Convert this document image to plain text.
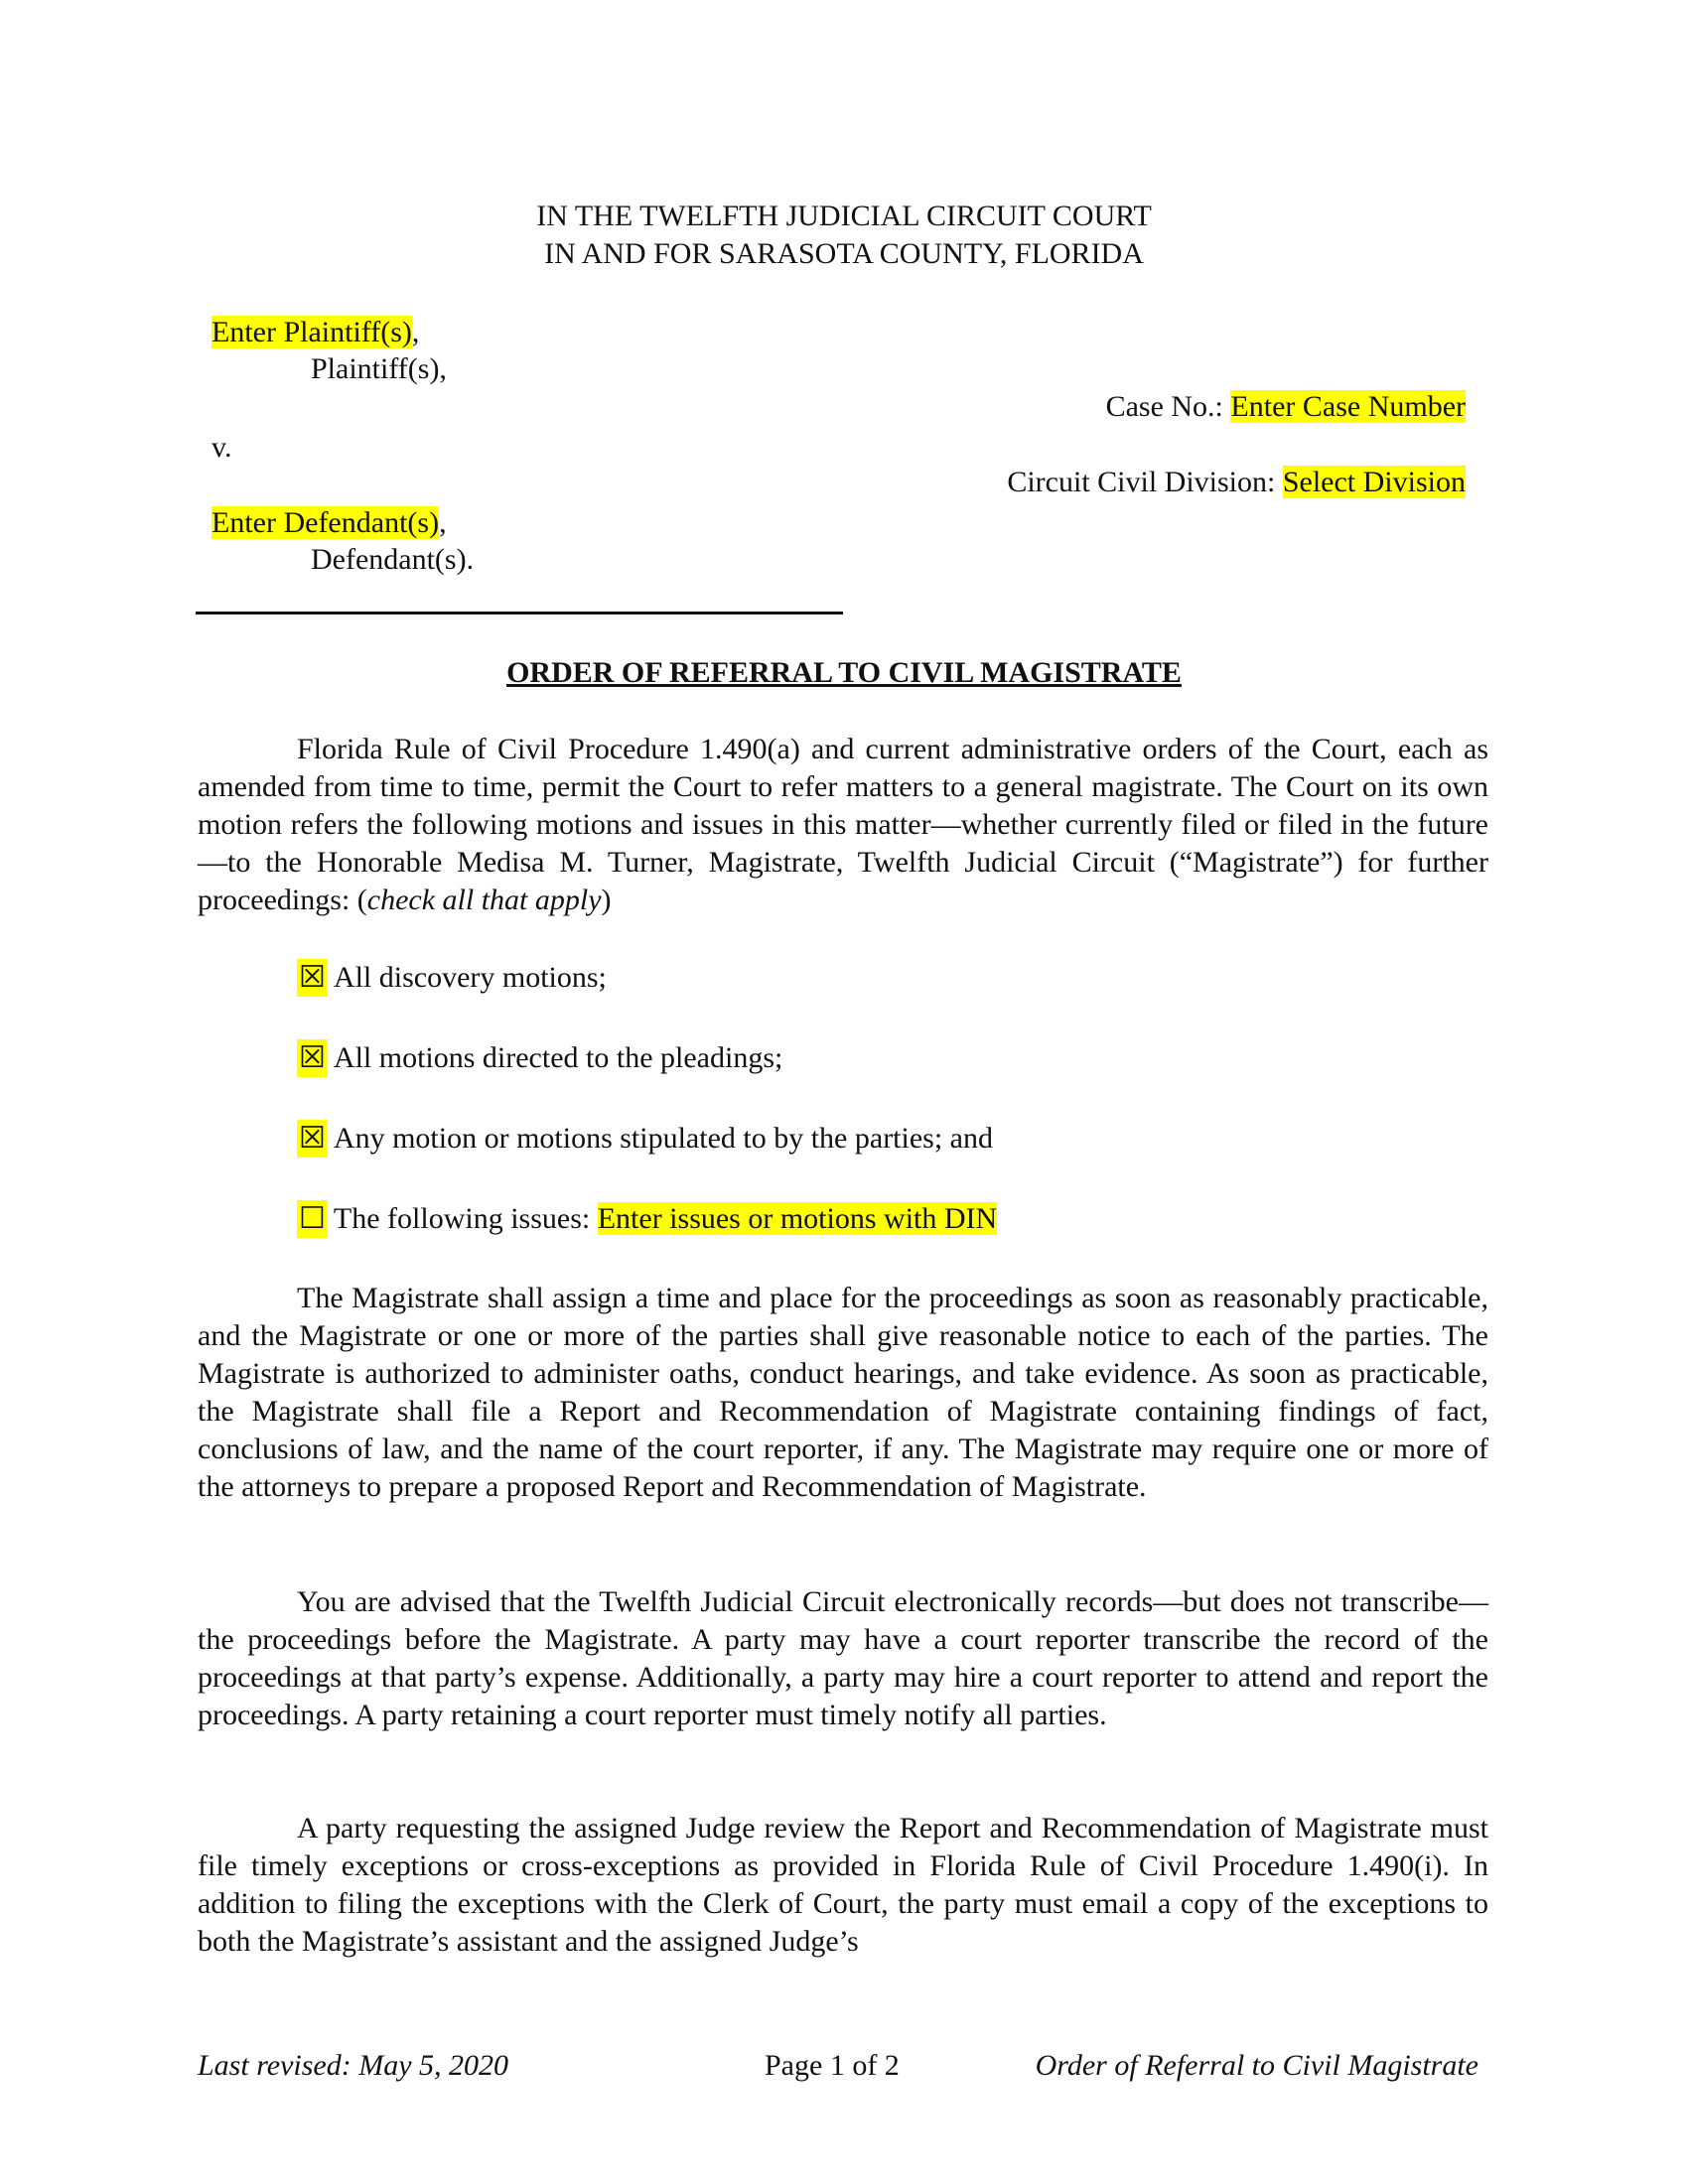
IN THE TWELFTH JUDICIAL CIRCUIT COURT
IN AND FOR SARASOTA COUNTY, FLORIDA
Enter Plaintiff(s),
Plaintiff(s),
v.
Enter Defendant(s),
Defendant(s).
Case No.: Enter Case Number
Circuit Civil Division: Select Division
ORDER OF REFERRAL TO CIVIL MAGISTRATE
Florida Rule of Civil Procedure 1.490(a) and current administrative orders of the Court, each as amended from time to time, permit the Court to refer matters to a general magistrate. The Court on its own motion refers the following motions and issues in this matter—whether currently filed or filed in the future—to the Honorable Medisa M. Turner, Magistrate, Twelfth Judicial Circuit (“Magistrate”) for further proceedings: (check all that apply)
☒ All discovery motions;
☒ All motions directed to the pleadings;
☒ Any motion or motions stipulated to by the parties; and
☐ The following issues: Enter issues or motions with DIN
The Magistrate shall assign a time and place for the proceedings as soon as reasonably practicable, and the Magistrate or one or more of the parties shall give reasonable notice to each of the parties. The Magistrate is authorized to administer oaths, conduct hearings, and take evidence. As soon as practicable, the Magistrate shall file a Report and Recommendation of Magistrate containing findings of fact, conclusions of law, and the name of the court reporter, if any. The Magistrate may require one or more of the attorneys to prepare a proposed Report and Recommendation of Magistrate.
You are advised that the Twelfth Judicial Circuit electronically records—but does not transcribe—the proceedings before the Magistrate. A party may have a court reporter transcribe the record of the proceedings at that party’s expense. Additionally, a party may hire a court reporter to attend and report the proceedings. A party retaining a court reporter must timely notify all parties.
A party requesting the assigned Judge review the Report and Recommendation of Magistrate must file timely exceptions or cross-exceptions as provided in Florida Rule of Civil Procedure 1.490(i). In addition to filing the exceptions with the Clerk of Court, the party must email a copy of the exceptions to both the Magistrate’s assistant and the assigned Judge’s
Last revised: May 5, 2020	Page 1 of 2	Order of Referral to Civil Magistrate
